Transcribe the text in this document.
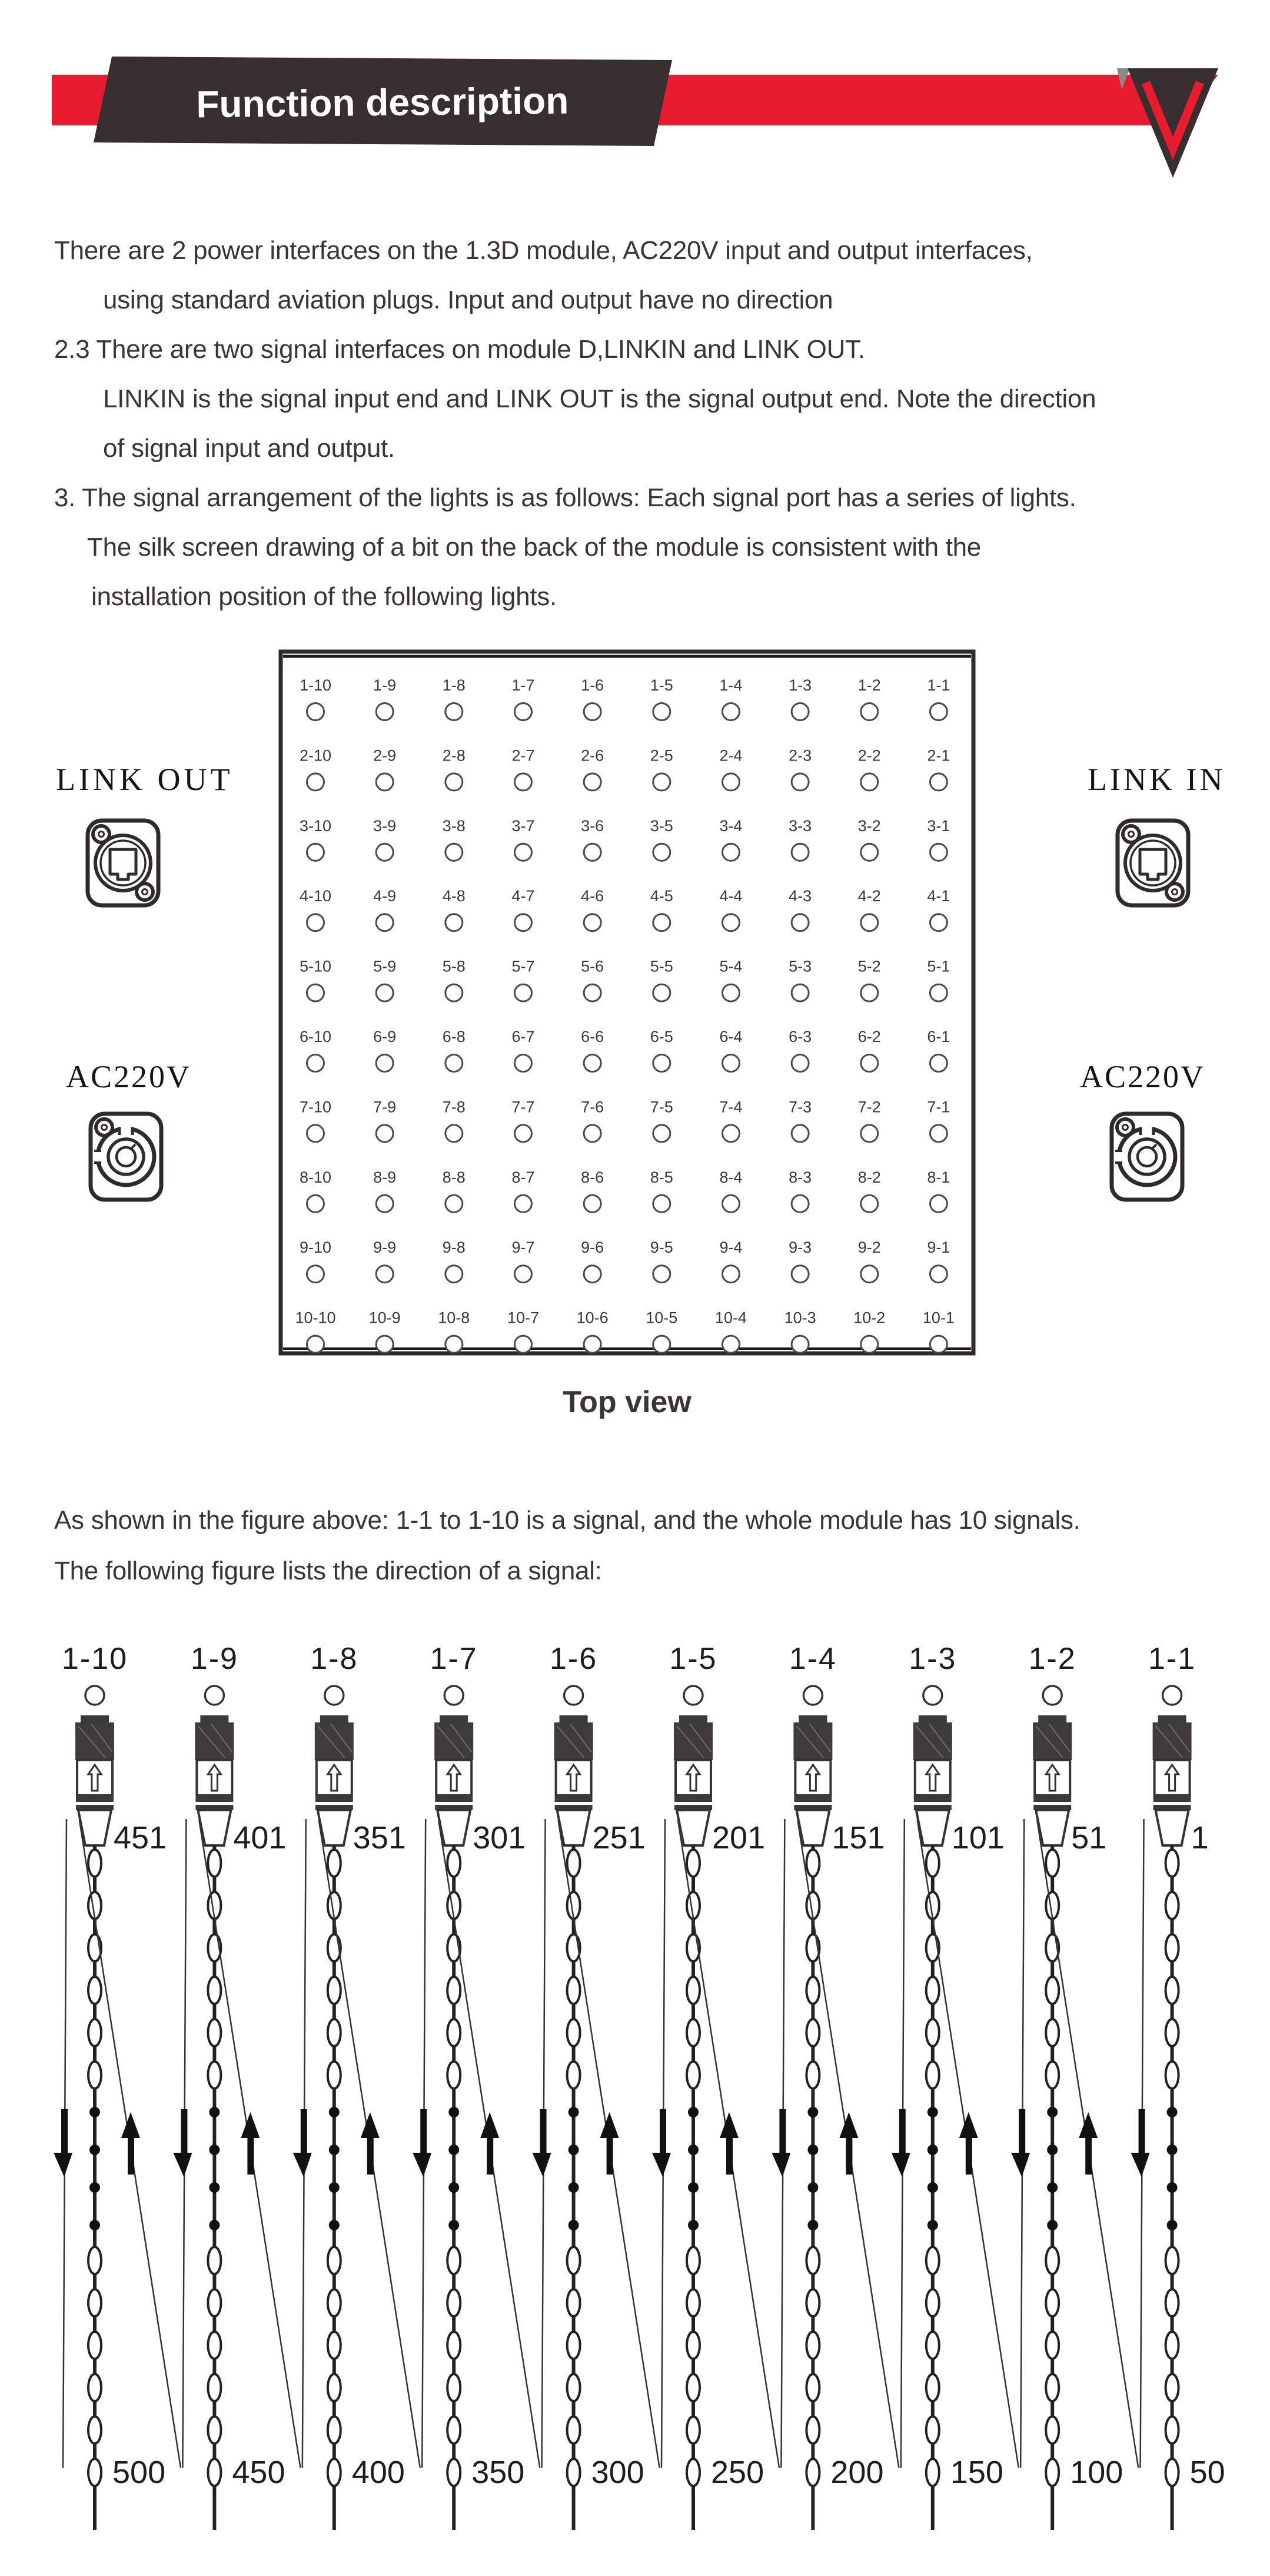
Function description
There are 2 power interfaces on the 1.3D module, AC220V input and output interfaces,
using standard aviation plugs. Input and output have no direction
2.3 There are two signal interfaces on module D,LINKIN and LINK OUT.
LINKIN is the signal input end and LINK OUT is the signal output end. Note the direction
of signal input and output.
3. The signal arrangement of the lights is as follows: Each signal port has a series of lights.
The silk screen drawing of a bit on the back of the module is consistent with the
installation position of the following lights.
1-10	1-9	1-8	1-7	1-6	1-5	1-4	1-3	1-2	1-1
2-10	2-9	2-8	2-7	2-6	2-5	2-4	2-3	2-2	2-1
3-10	3-9	3-8	3-7	3-6	3-5	3-4	3-3	3-2	3-1
4-10	4-9	4-8	4-7	4-6	4-5	4-4	4-3	4-2	4-1
5-10	5-9	5-8	5-7	5-6	5-5	5-4	5-3	5-2	5-1
6-10	6-9	6-8	6-7	6-6	6-5	6-4	6-3	6-2	6-1
7-10	7-9	7-8	7-7	7-6	7-5	7-4	7-3	7-2	7-1
8-10	8-9	8-8	8-7	8-6	8-5	8-4	8-3	8-2	8-1
9-10	9-9	9-8	9-7	9-6	9-5	9-4	9-3	9-2	9-1
10-10 10-9 10-8 10-7 10-6 10-5 10-4 10-3 10-2 10-1
Top view
LINK OUT	LINK IN
AC220V	AC220V
As shown in the figure above: 1-1 to 1-10 is a signal, and the whole module has 10 signals.
The following figure lists the direction of a signal:
1-10
451
500
1-9
401
450
1-8
351
400
1-7
301
350
1-6
251
300
1-5
201
250
1-4
151
200
1-3
101
150
1-2
51
100
1-1
1
50
